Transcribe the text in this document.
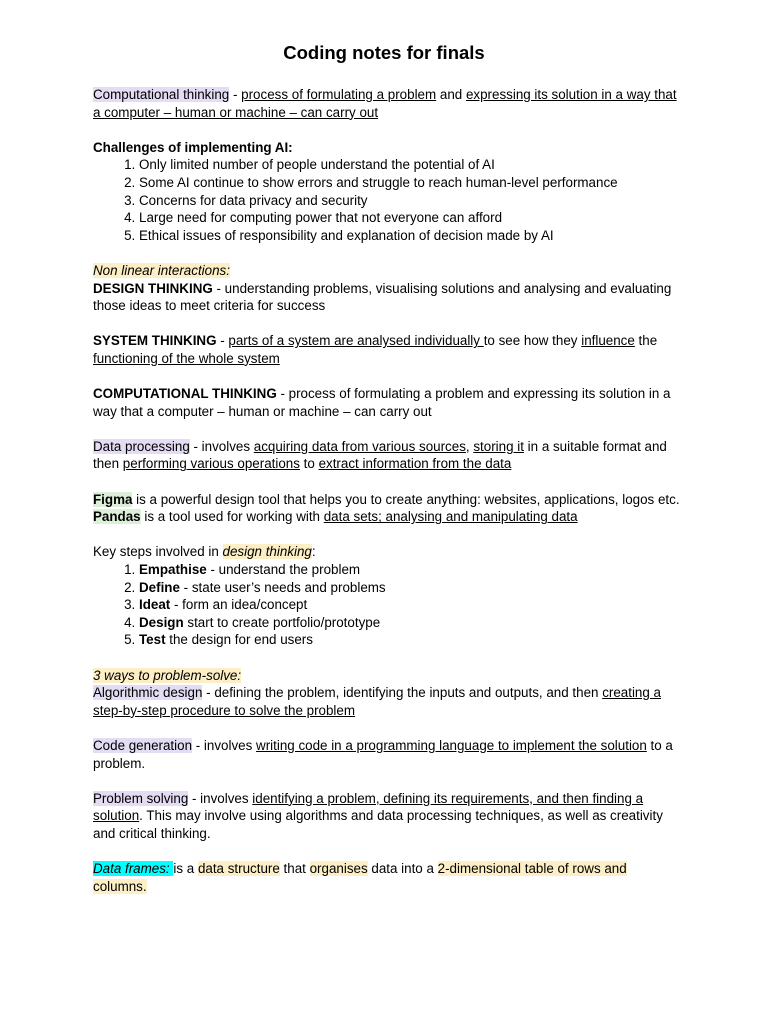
Coding notes for finals

Computational thinking - process of formulating a problem and expressing its solution in a way that a computer – human or machine – can carry out

Challenges of implementing AI:

1. Only limited number of people understand the potential of AI
2. Some AI continue to show errors and struggle to reach human-level performance
3. Concerns for data privacy and security
4. Large need for computing power that not everyone can afford
5. Ethical issues of responsibility and explanation of decision made by AI

Non linear interactions:

DESIGN THINKING - understanding problems, visualising solutions and analysing and evaluating those ideas to meet criteria for success

SYSTEM THINKING - parts of a system are analysed individually to see how they influence the functioning of the whole system

COMPUTATIONAL THINKING - process of formulating a problem and expressing its solution in a way that a computer – human or machine – can carry out

Data processing - involves acquiring data from various sources, storing it in a suitable format and then performing various operations to extract information from the data

Figma is a powerful design tool that helps you to create anything: websites, applications, logos etc.

Pandas is a tool used for working with data sets; analysing and manipulating data

Key steps involved in design thinking:

1. Empathise - understand the problem
2. Define - state user’s needs and problems
3. Ideat - form an idea/concept
4. Design start to create portfolio/prototype
5. Test the design for end users

3 ways to problem-solve:

Algorithmic design - defining the problem, identifying the inputs and outputs, and then creating a step-by-step procedure to solve the problem

Code generation - involves writing code in a programming language to implement the solution to a problem.

Problem solving - involves identifying a problem, defining its requirements, and then finding a solution. This may involve using algorithms and data processing techniques, as well as creativity and critical thinking.

Data frames: is a data structure that organises data into a 2-dimensional table of rows and columns.
